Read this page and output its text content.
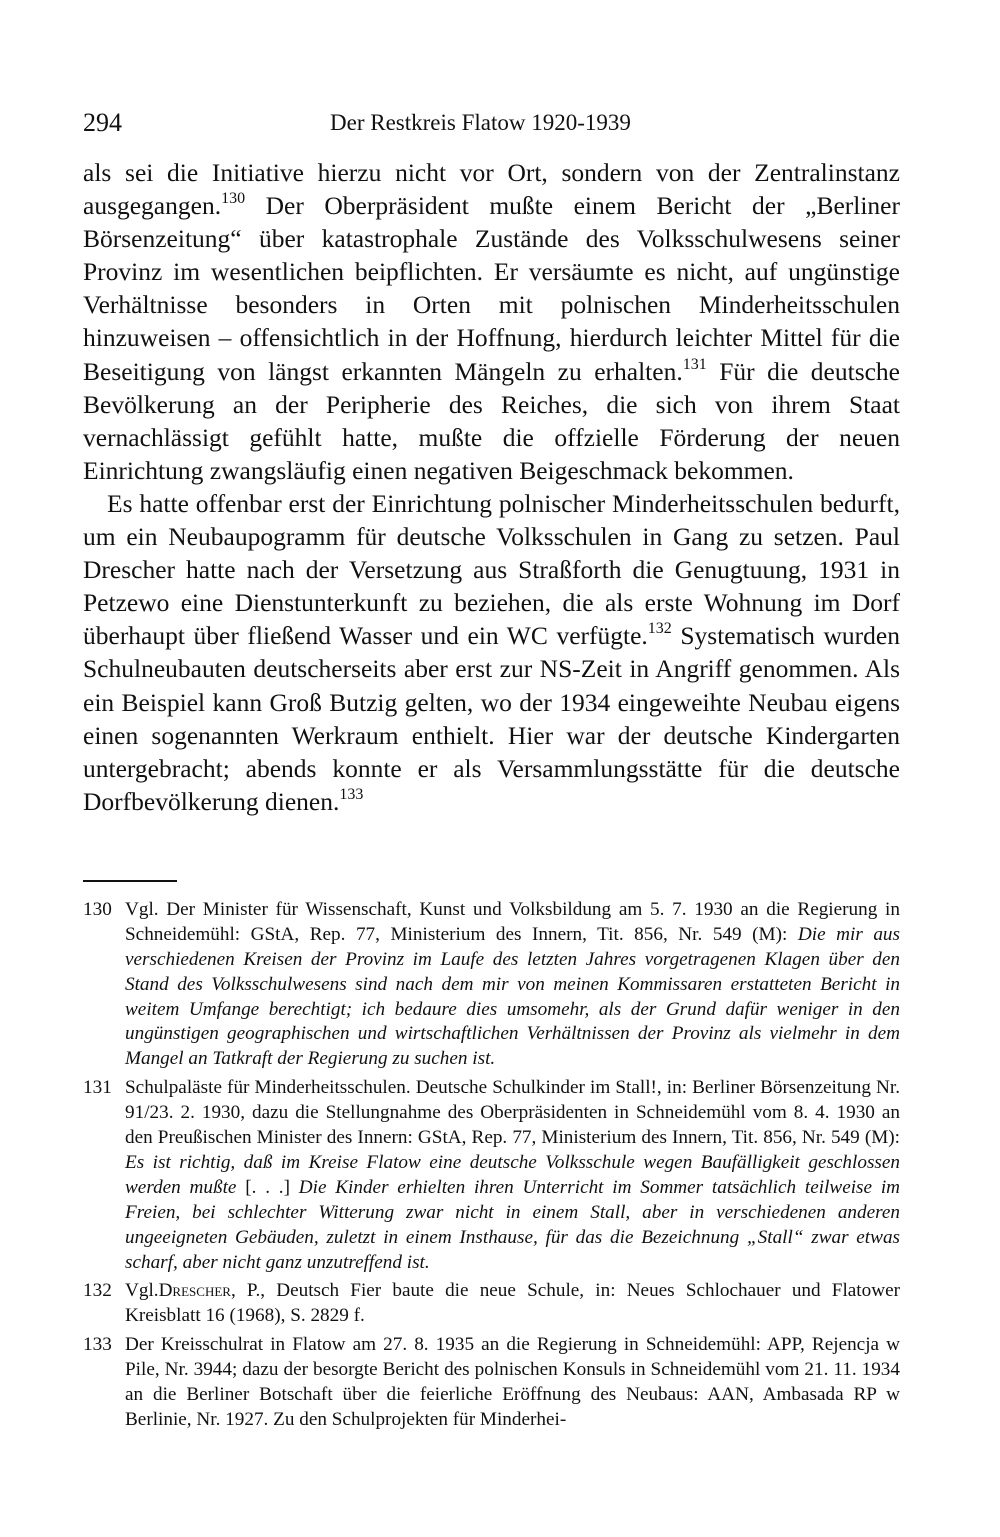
294	Der Restkreis Flatow 1920-1939

als sei die Initiative hierzu nicht vor Ort, sondern von der Zentralinstanz ausgegangen.$^{130}$ Der Oberpräsident mußte einem Bericht der „Berliner Börsenzeitung“ über katastrophale Zustände des Volksschulwesens seiner Provinz im wesentlichen beipflichten. Er versäumte es nicht, auf ungünstige Verhältnisse besonders in Orten mit polnischen Minderheitsschulen hinzuweisen – offensichtlich in der Hoffnung, hierdurch leichter Mittel für die Beseitigung von längst erkannten Mängeln zu erhalten.$^{131}$ Für die deutsche Bevölkerung an der Peripherie des Reiches, die sich von ihrem Staat vernachlässigt gefühlt hatte, mußte die offzielle Förderung der neuen Einrichtung zwangsläufig einen negativen Beigeschmack bekommen.

Es hatte offenbar erst der Einrichtung polnischer Minderheitsschulen bedurft, um ein Neubaupogramm für deutsche Volksschulen in Gang zu setzen. Paul Drescher hatte nach der Versetzung aus Straßforth die Genugtuung, 1931 in Petzewo eine Dienstunterkunft zu beziehen, die als erste Wohnung im Dorf überhaupt über fließend Wasser und ein WC verfügte.$^{132}$ Systematisch wurden Schulneubauten deutscherseits aber erst zur NS-Zeit in Angriff genommen. Als ein Beispiel kann Groß Butzig gelten, wo der 1934 eingeweihte Neubau eigens einen sogenannten Werkraum enthielt. Hier war der deutsche Kindergarten untergebracht; abends konnte er als Versammlungsstätte für die deutsche Dorfbevölkerung dienen.$^{133}$

130 Vgl. Der Minister für Wissenschaft, Kunst und Volksbildung am 5. 7. 1930 an die Regierung in Schneidemühl: GStA, Rep. 77, Ministerium des Innern, Tit. 856, Nr. 549 (M): Die mir aus verschiedenen Kreisen der Provinz im Laufe des letzten Jahres vorgetragenen Klagen über den Stand des Volksschulwesens sind nach dem mir von meinen Kommissaren erstatteten Bericht in weitem Umfange berechtigt; ich bedaure dies umsomehr, als der Grund dafür weniger in den ungünstigen geographischen und wirtschaftlichen Verhältnissen der Provinz als vielmehr in dem Mangel an Tatkraft der Regierung zu suchen ist.
131 Schulpaläste für Minderheitsschulen. Deutsche Schulkinder im Stall!, in: Berliner Börsenzeitung Nr. 91/23. 2. 1930, dazu die Stellungnahme des Oberpräsidenten in Schneidemühl vom 8. 4. 1930 an den Preußischen Minister des Innern: GStA, Rep. 77, Ministerium des Innern, Tit. 856, Nr. 549 (M): Es ist richtig, daß im Kreise Flatow eine deutsche Volksschule wegen Baufälligkeit geschlossen werden mußte [. . .] Die Kinder erhielten ihren Unterricht im Sommer tatsächlich teilweise im Freien, bei schlechter Witterung zwar nicht in einem Stall, aber in verschiedenen anderen ungeeigneten Gebäuden, zuletzt in einem Insthause, für das die Bezeichnung „Stall“ zwar etwas scharf, aber nicht ganz unzutreffend ist.
132 Vgl.Drescher, P., Deutsch Fier baute die neue Schule, in: Neues Schlochauer und Flatower Kreisblatt 16 (1968), S. 2829 f.
133 Der Kreisschulrat in Flatow am 27. 8. 1935 an die Regierung in Schneidemühl: APP, Rejencja w Pile, Nr. 3944; dazu der besorgte Bericht des polnischen Konsuls in Schneidemühl vom 21. 11. 1934 an die Berliner Botschaft über die feierliche Eröffnung des Neubaus: AAN, Ambasada RP w Berlinie, Nr. 1927. Zu den Schulprojekten für Minderhei-
